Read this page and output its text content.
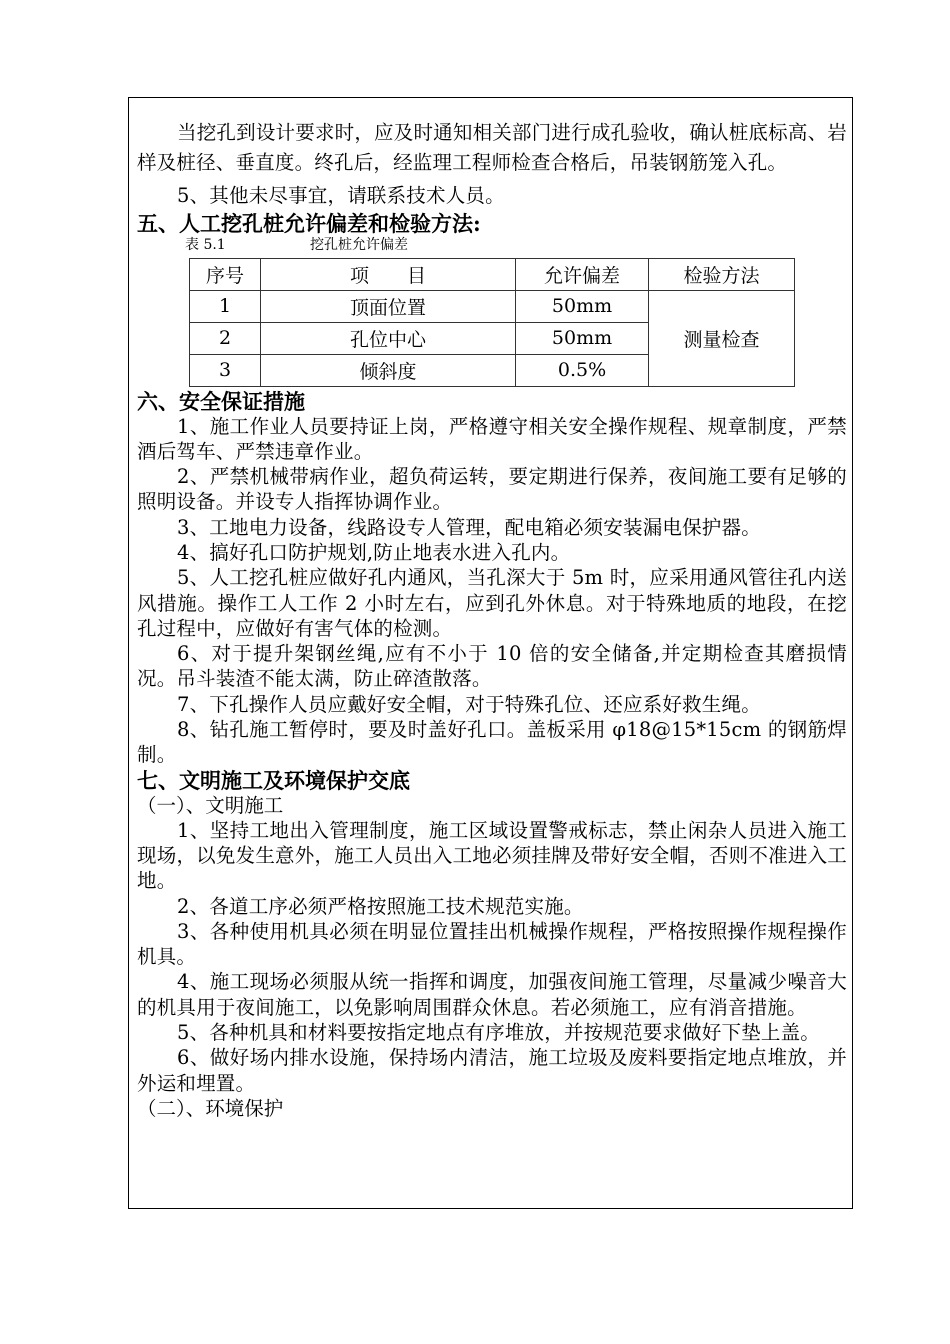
当挖孔到设计要求时，应及时通知相关部门进行成孔验收，确认桩底标高、岩样及桩径、垂直度。终孔后，经监理工程师检查合格后，吊装钢筋笼入孔。

5、其他未尽事宜，请联系技术人员。

五、人工挖孔桩允许偏差和检验方法:

表 5.1	挖孔桩允许偏差

序号	项　　目	允许偏差	检验方法
1	顶面位置	50mm	测量检查
2	孔位中心	50mm	
3	倾斜度	0.5%	

六、安全保证措施

1、施工作业人员要持证上岗，严格遵守相关安全操作规程、规章制度，严禁酒后驾车、严禁违章作业。

2、严禁机械带病作业，超负荷运转，要定期进行保养，夜间施工要有足够的照明设备。并设专人指挥协调作业。

3、工地电力设备，线路设专人管理，配电箱必须安装漏电保护器。

4、搞好孔口防护规划,防止地表水进入孔内。

5、人工挖孔桩应做好孔内通风，当孔深大于 5m 时，应采用通风管往孔内送风措施。操作工人工作 2 小时左右，应到孔外休息。对于特殊地质的地段，在挖孔过程中，应做好有害气体的检测。

6、对于提升架钢丝绳,应有不小于 10 倍的安全储备,并定期检查其磨损情况。吊斗装渣不能太满，防止碎渣散落。

7、下孔操作人员应戴好安全帽，对于特殊孔位、还应系好救生绳。

8、钻孔施工暂停时，要及时盖好孔口。盖板采用 φ18@15*15cm 的钢筋焊制。

七、文明施工及环境保护交底

（一）、文明施工

1、坚持工地出入管理制度，施工区域设置警戒标志，禁止闲杂人员进入施工现场，以免发生意外，施工人员出入工地必须挂牌及带好安全帽，否则不准进入工地。

2、各道工序必须严格按照施工技术规范实施。

3、各种使用机具必须在明显位置挂出机械操作规程，严格按照操作规程操作机具。

4、施工现场必须服从统一指挥和调度，加强夜间施工管理，尽量减少噪音大的机具用于夜间施工，以免影响周围群众休息。若必须施工，应有消音措施。

5、各种机具和材料要按指定地点有序堆放，并按规范要求做好下垫上盖。

6、做好场内排水设施，保持场内清洁，施工垃圾及废料要指定地点堆放，并外运和埋置。

（二）、环境保护
